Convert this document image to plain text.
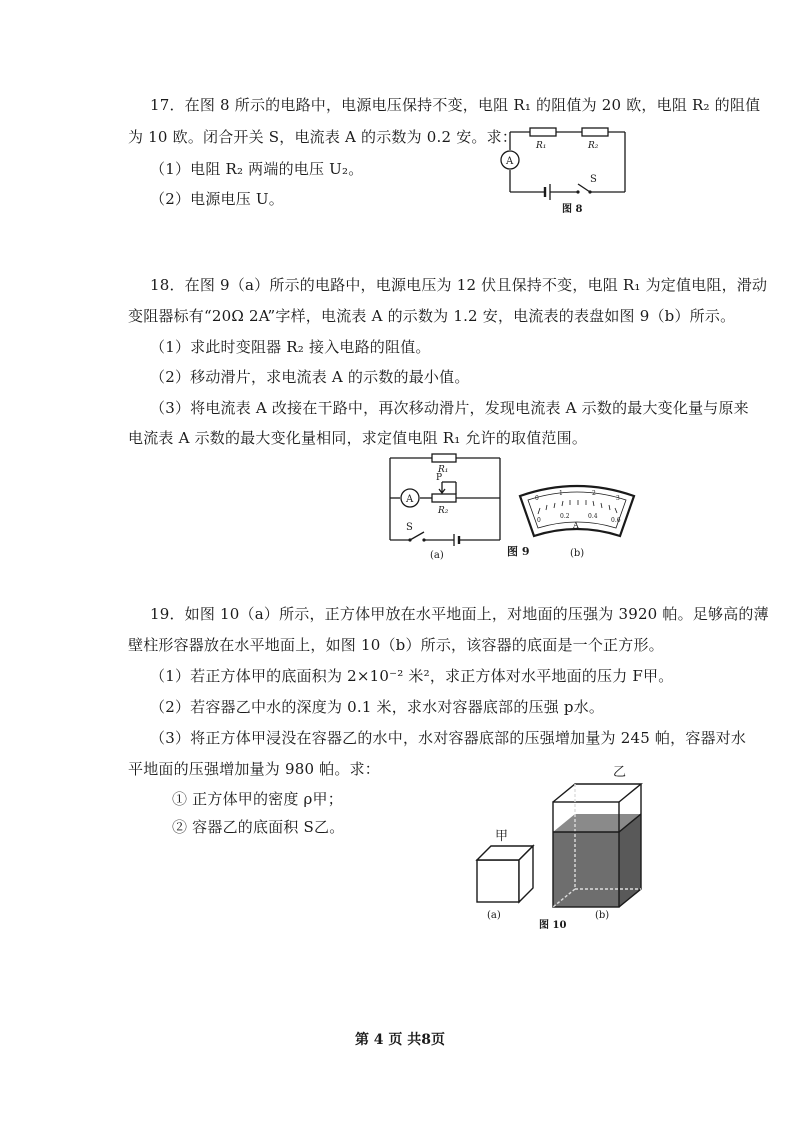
17．在图 8 所示的电路中，电源电压保持不变，电阻 R₁ 的阻值为 20 欧，电阻 R₂ 的阻值
为 10 欧。闭合开关 S，电流表 A 的示数为 0.2 安。求：
（1）电阻 R₂ 两端的电压 U₂。
（2）电源电压 U。
A
R₁	R₂
S
图 8
18．在图 9（a）所示的电路中，电源电压为 12 伏且保持不变，电阻 R₁ 为定值电阻，滑动
变阻器标有“20Ω 2A”字样，电流表 A 的示数为 1.2 安，电流表的表盘如图 9（b）所示。
（1）求此时变阻器 R₂ 接入电路的阻值。
（2）移动滑片，求电流表 A 的示数的最小值。
（3）将电流表 A 改接在干路中，再次移动滑片，发现电流表 A 示数的最大变化量与原来
电流表 A 示数的最大变化量相同，求定值电阻 R₁ 允许的取值范围。
A
R₁
P
R₂
S
(a)	图 9
0
1	2
3
0
0.2	0.4
0.6
A
(b)
19．如图 10（a）所示，正方体甲放在水平地面上，对地面的压强为 3920 帕。足够高的薄
壁柱形容器放在水平地面上，如图 10（b）所示，该容器的底面是一个正方形。
（1）若正方体甲的底面积为 2×10⁻² 米²，求正方体对水平地面的压力 F甲。
（2）若容器乙中水的深度为 0.1 米，求水对容器底部的压强 p水。
（3）将正方体甲浸没在容器乙的水中，水对容器底部的压强增加量为 245 帕，容器对水
平地面的压强增加量为 980 帕。求：
① 正方体甲的密度 ρ甲；
② 容器乙的底面积 S乙。
甲
乙
(a)
图 10
(b)
第 4 页 共8页
